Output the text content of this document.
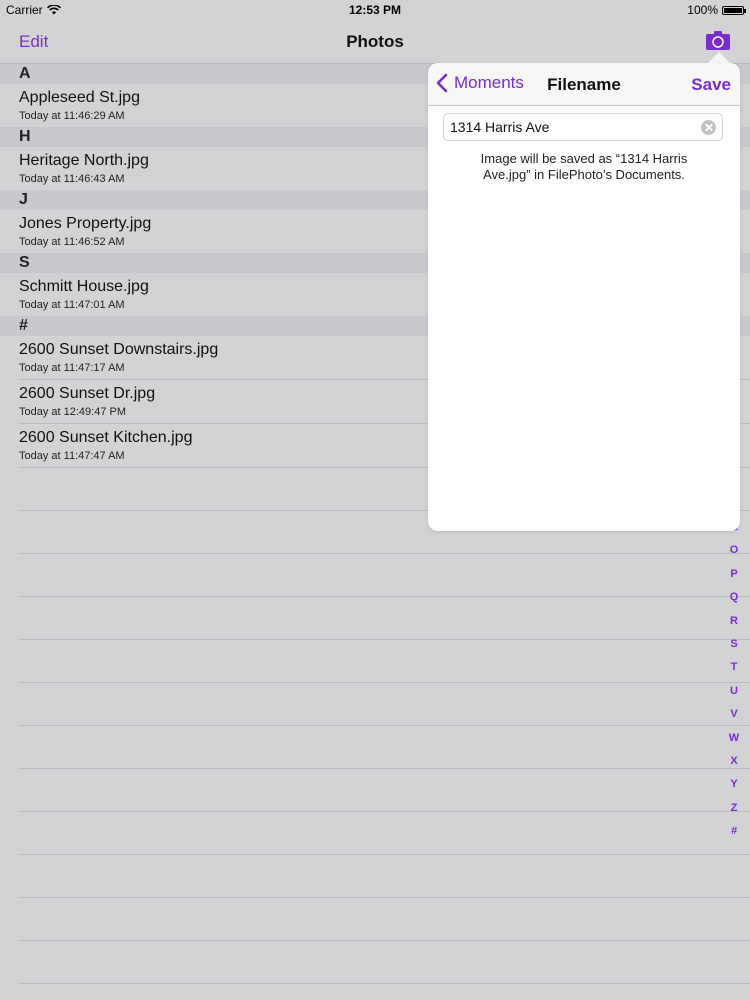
Carrier	12:53 PM	100%
Edit	Photos
A
Appleseed St.jpg
Today at 11:46:29 AM
H
Heritage North.jpg
Today at 11:46:43 AM
J
Jones Property.jpg
Today at 11:46:52 AM
S
Schmitt House.jpg
Today at 11:47:01 AM
#
2600 Sunset Downstairs.jpg
Today at 11:47:17 AM
2600 Sunset Dr.jpg
Today at 12:49:47 PM
2600 Sunset Kitchen.jpg
Today at 11:47:47 AM
O
P
Q
R
S
T
U
V
W
X
Y
Z
#
Moments	Filename	Save
1314 Harris Ave
Image will be saved as “1314 Harris
Ave.jpg” in FilePhoto’s Documents.
